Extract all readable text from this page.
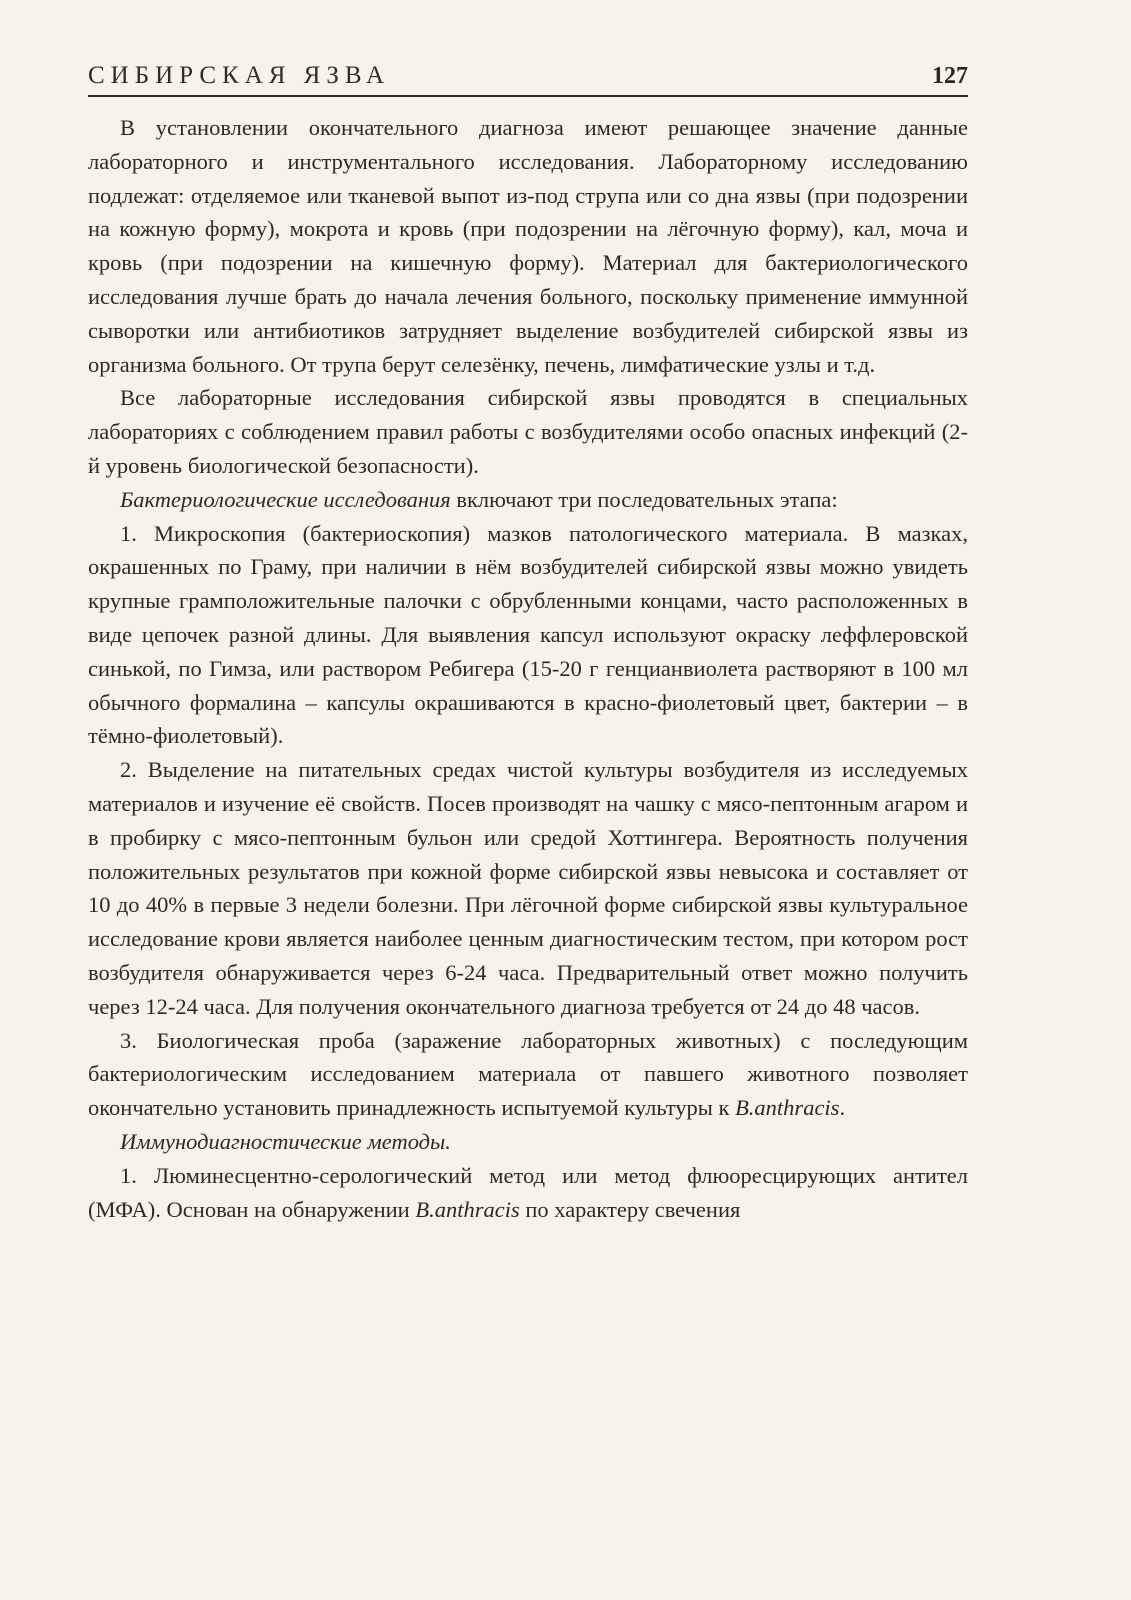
СИБИРСКАЯ ЯЗВА	127

В установлении окончательного диагноза имеют решающее значение данные лабораторного и инструментального исследования. Лабораторному исследованию подлежат: отделяемое или тканевой выпот из-под струпа или со дна язвы (при подозрении на кожную форму), мокрота и кровь (при подозрении на лёгочную форму), кал, моча и кровь (при подозрении на кишечную форму). Материал для бактериологического исследования лучше брать до начала лечения больного, поскольку применение иммунной сыворотки или антибиотиков затрудняет выделение возбудителей сибирской язвы из организма больного. От трупа берут селезёнку, печень, лимфатические узлы и т.д.

Все лабораторные исследования сибирской язвы проводятся в специальных лабораториях с соблюдением правил работы с возбудителями особо опасных инфекций (2-й уровень биологической безопасности).

Бактериологические исследования включают три последовательных этапа:

1. Микроскопия (бактериоскопия) мазков патологического материала. В мазках, окрашенных по Граму, при наличии в нём возбудителей сибирской язвы можно увидеть крупные грамположительные палочки с обрубленными концами, часто расположенных в виде цепочек разной длины. Для выявления капсул используют окраску леффлеровской синькой, по Гимза, или раствором Ребигера (15-20 г генцианвиолета растворяют в 100 мл обычного формалина – капсулы окрашиваются в красно-фиолетовый цвет, бактерии – в тёмно-фиолетовый).

2. Выделение на питательных средах чистой культуры возбудителя из исследуемых материалов и изучение её свойств. Посев производят на чашку с мясо-пептонным агаром и в пробирку с мясо-пептонным бульон или средой Хоттингера. Вероятность получения положительных результатов при кожной форме сибирской язвы невысока и составляет от 10 до 40% в первые 3 недели болезни. При лёгочной форме сибирской язвы культуральное исследование крови является наиболее ценным диагностическим тестом, при котором рост возбудителя обнаруживается через 6-24 часа. Предварительный ответ можно получить через 12-24 часа. Для получения окончательного диагноза требуется от 24 до 48 часов.

3. Биологическая проба (заражение лабораторных животных) с последующим бактериологическим исследованием материала от павшего животного позволяет окончательно установить принадлежность испытуемой культуры к B.anthracis.

Иммунодиагностические методы.

1. Люминесцентно-серологический метод или метод флюоресцирующих антител (МФА). Основан на обнаружении B.anthracis по характеру свечения
